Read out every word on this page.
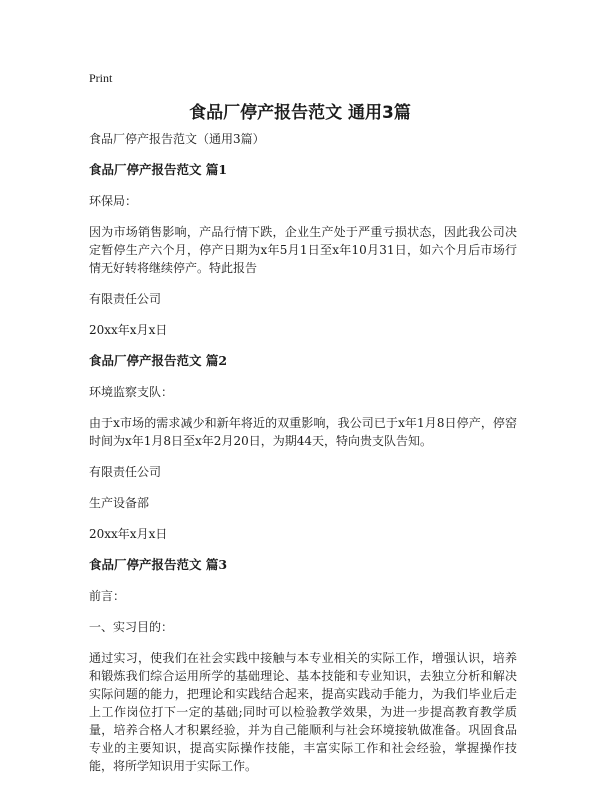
Print
食品厂停产报告范文 通用3篇

食品厂停产报告范文（通用3篇）

食品厂停产报告范文 篇1

环保局：

因为市场销售影响，产品行情下跌，企业生产处于严重亏损状态，因此我公司决定暂停生产六个月，停产日期为x年5月1日至x年10月31日，如六个月后市场行情无好转将继续停产。特此报告

有限责任公司

20xx年x月x日

食品厂停产报告范文 篇2

环境监察支队：

由于x市场的需求减少和新年将近的双重影响，我公司已于x年1月8日停产，停窑时间为x年1月8日至x年2月20日，为期44天，特向贵支队告知。

有限责任公司

生产设备部

20xx年x月x日

食品厂停产报告范文 篇3

前言：

一、实习目的：

通过实习，使我们在社会实践中接触与本专业相关的实际工作，增强认识，培养和锻炼我们综合运用所学的基础理论、基本技能和专业知识，去独立分析和解决实际问题的能力，把理论和实践结合起来，提高实践动手能力，为我们毕业后走上工作岗位打下一定的基础;同时可以检验教学效果，为进一步提高教育教学质量，培养合格人才积累经验，并为自己能顺利与社会环境接轨做准备。巩固食品专业的主要知识，提高实际操作技能，丰富实际工作和社会经验，掌握操作技能，将所学知识用于实际工作。
